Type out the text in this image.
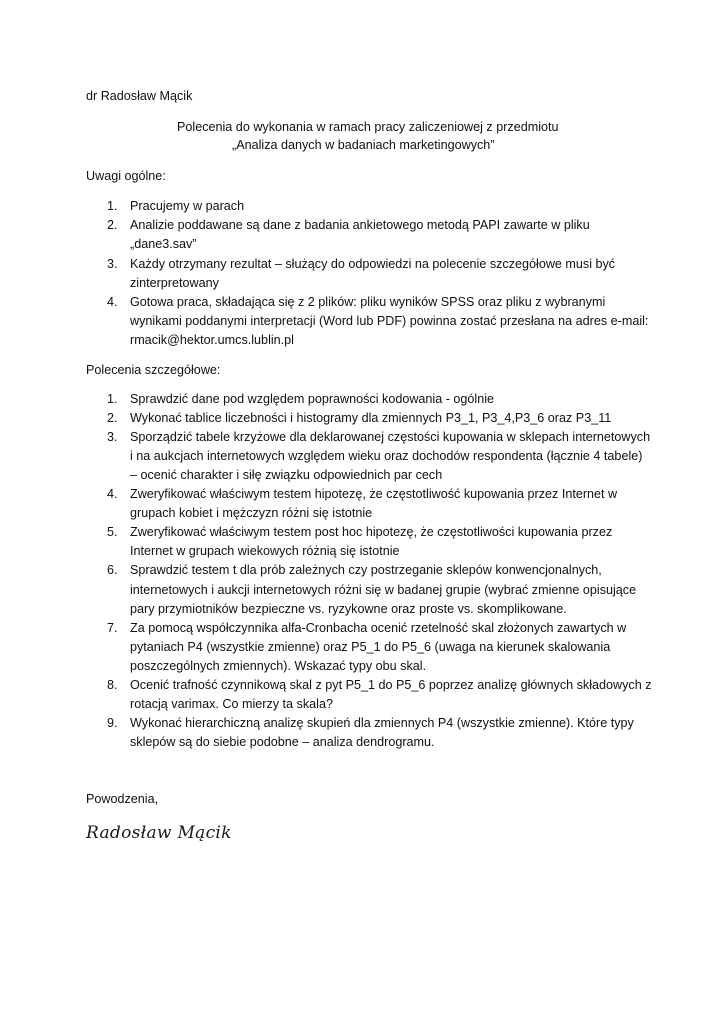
dr Radosław Mącik

Polecenia do wykonania w ramach pracy zaliczeniowej z przedmiotu

„Analiza danych w badaniach marketingowych”

Uwagi ogólne:

1. Pracujemy w parach

2. Analizie poddawane są dane z badania ankietowego metodą PAPI zawarte w pliku

„dane3.sav”

3. Każdy otrzymany rezultat – służący do odpowiedzi na polecenie szczegółowe musi być

zinterpretowany

4. Gotowa praca, składająca się z 2 plików: pliku wyników SPSS oraz pliku z wybranymi

wynikami poddanymi interpretacji (Word lub PDF) powinna zostać przesłana na adres e-mail:

rmacik@hektor.umcs.lublin.pl

Polecenia szczegółowe:

1. Sprawdzić dane pod względem poprawności kodowania - ogólnie

2. Wykonać tablice liczebności i histogramy dla zmiennych P3_1, P3_4,P3_6 oraz P3_11

3. Sporządzić tabele krzyżowe dla deklarowanej częstości kupowania w sklepach internetowych

i na aukcjach internetowych względem wieku oraz dochodów respondenta (łącznie 4 tabele)

– ocenić charakter i siłę związku odpowiednich par cech

4. Zweryfikować właściwym testem hipotezę, że częstotliwość kupowania przez Internet w

grupach kobiet i mężczyzn różni się istotnie

5. Zweryfikować właściwym testem post hoc hipotezę, że częstotliwości kupowania przez

Internet w grupach wiekowych różnią się istotnie

6. Sprawdzić testem t dla prób zależnych czy postrzeganie sklepów konwencjonalnych,

internetowych i aukcji internetowych różni się w badanej grupie (wybrać zmienne opisujące

pary przymiotników bezpieczne vs. ryzykowne oraz proste vs. skomplikowane.

7. Za pomocą współczynnika alfa-Cronbacha ocenić rzetelność skal złożonych zawartych w

pytaniach P4 (wszystkie zmienne) oraz P5_1 do P5_6 (uwaga na kierunek skalowania

poszczególnych zmiennych). Wskazać typy obu skal.

8. Ocenić trafność czynnikową skal z pyt P5_1 do P5_6 poprzez analizę głównych składowych z

rotacją varimax. Co mierzy ta skala?

9. Wykonać hierarchiczną analizę skupień dla zmiennych P4 (wszystkie zmienne). Które typy

sklepów są do siebie podobne – analiza dendrogramu.

Powodzenia,

Radosław Mącik
